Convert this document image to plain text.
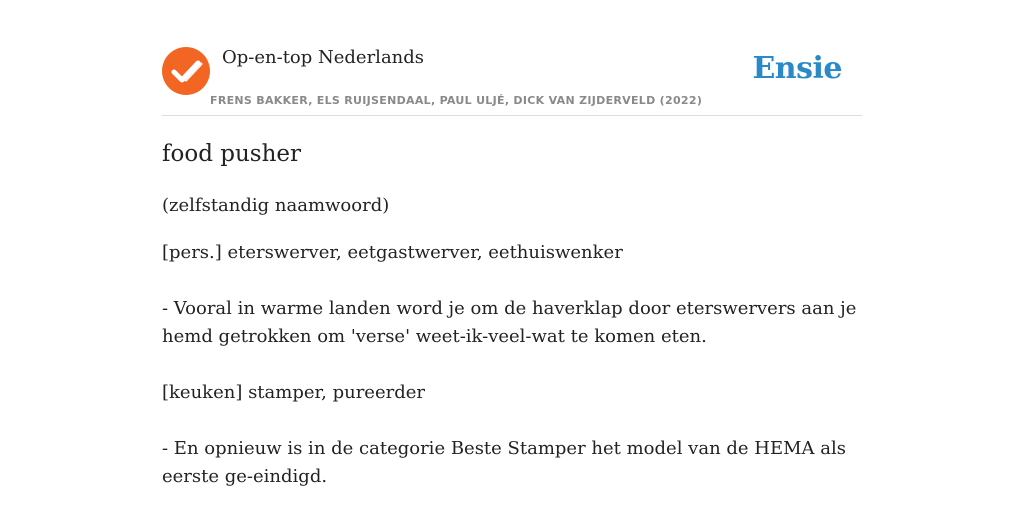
Op-en-top Nederlands
FRENS BAKKER, ELS RUIJSENDAAL, PAUL ULJÉ, DICK VAN ZIJDERVELD (2022)
Ensie
food pusher
(zelfstandig naamwoord)
[pers.] eterswerver, eetgastwerver, eethuiswenker
- Vooral in warme landen word je om de haverklap door eterswervers aan je hemd getrokken om 'verse' weet-ik-veel-wat te komen eten.
[keuken] stamper, pureerder
- En opnieuw is in de categorie Beste Stamper het model van de HEMA als eerste ge-eindigd.
